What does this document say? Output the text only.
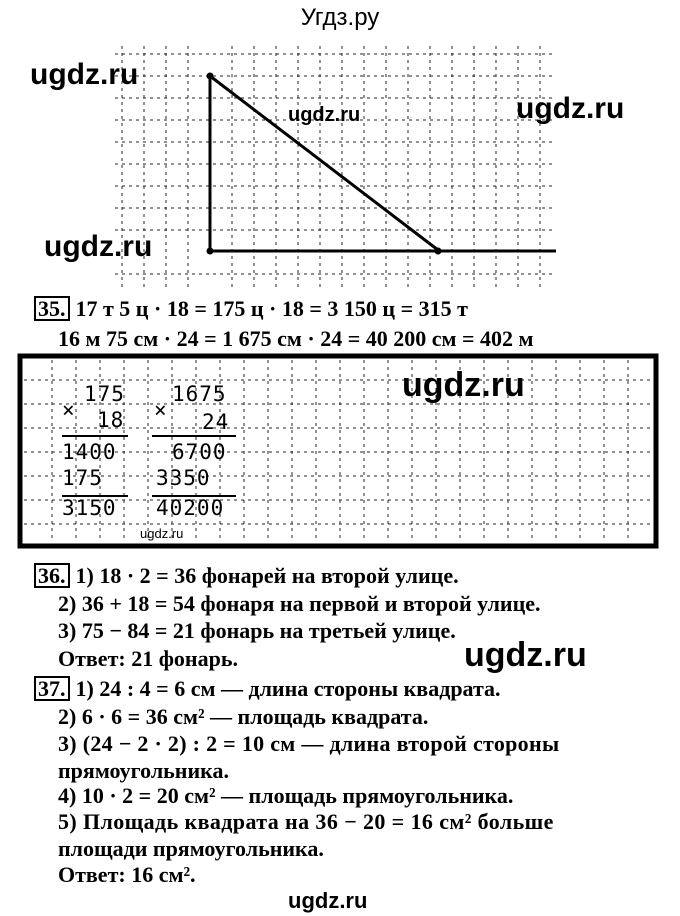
Угдз.ру
ugdz.ru
ugdz.ru	ugdz.ru
ugdz.ru
35. 17 т 5 ц · 18 = 175 ц · 18 = 3 150 ц = 315 т
16 м 75 см · 24 = 1 675 см · 24 = 40 200 см = 402 м
×
175
18
1400
175
3150
×
1675
24
6700
3350
40200
ugdz.ru
ugdz.ru
36. 1) 18 · 2 = 36 фонарей на второй улице.
2) 36 + 18 = 54 фонаря на первой и второй улице.
3) 75 − 84 = 21 фонарь на третьей улице.
Ответ: 21 фонарь.	ugdz.ru
37. 1) 24 : 4 = 6 см — длина стороны квадрата.
2) 6 · 6 = 36 см² — площадь квадрата.
3) (24 − 2 · 2) : 2 = 10 см — длина второй стороны
прямоугольника.
4) 10 · 2 = 20 см² — площадь прямоугольника.
5) Площадь квадрата на 36 − 20 = 16 см² больше
площади прямоугольника.
Ответ: 16 см².
ugdz.ru
